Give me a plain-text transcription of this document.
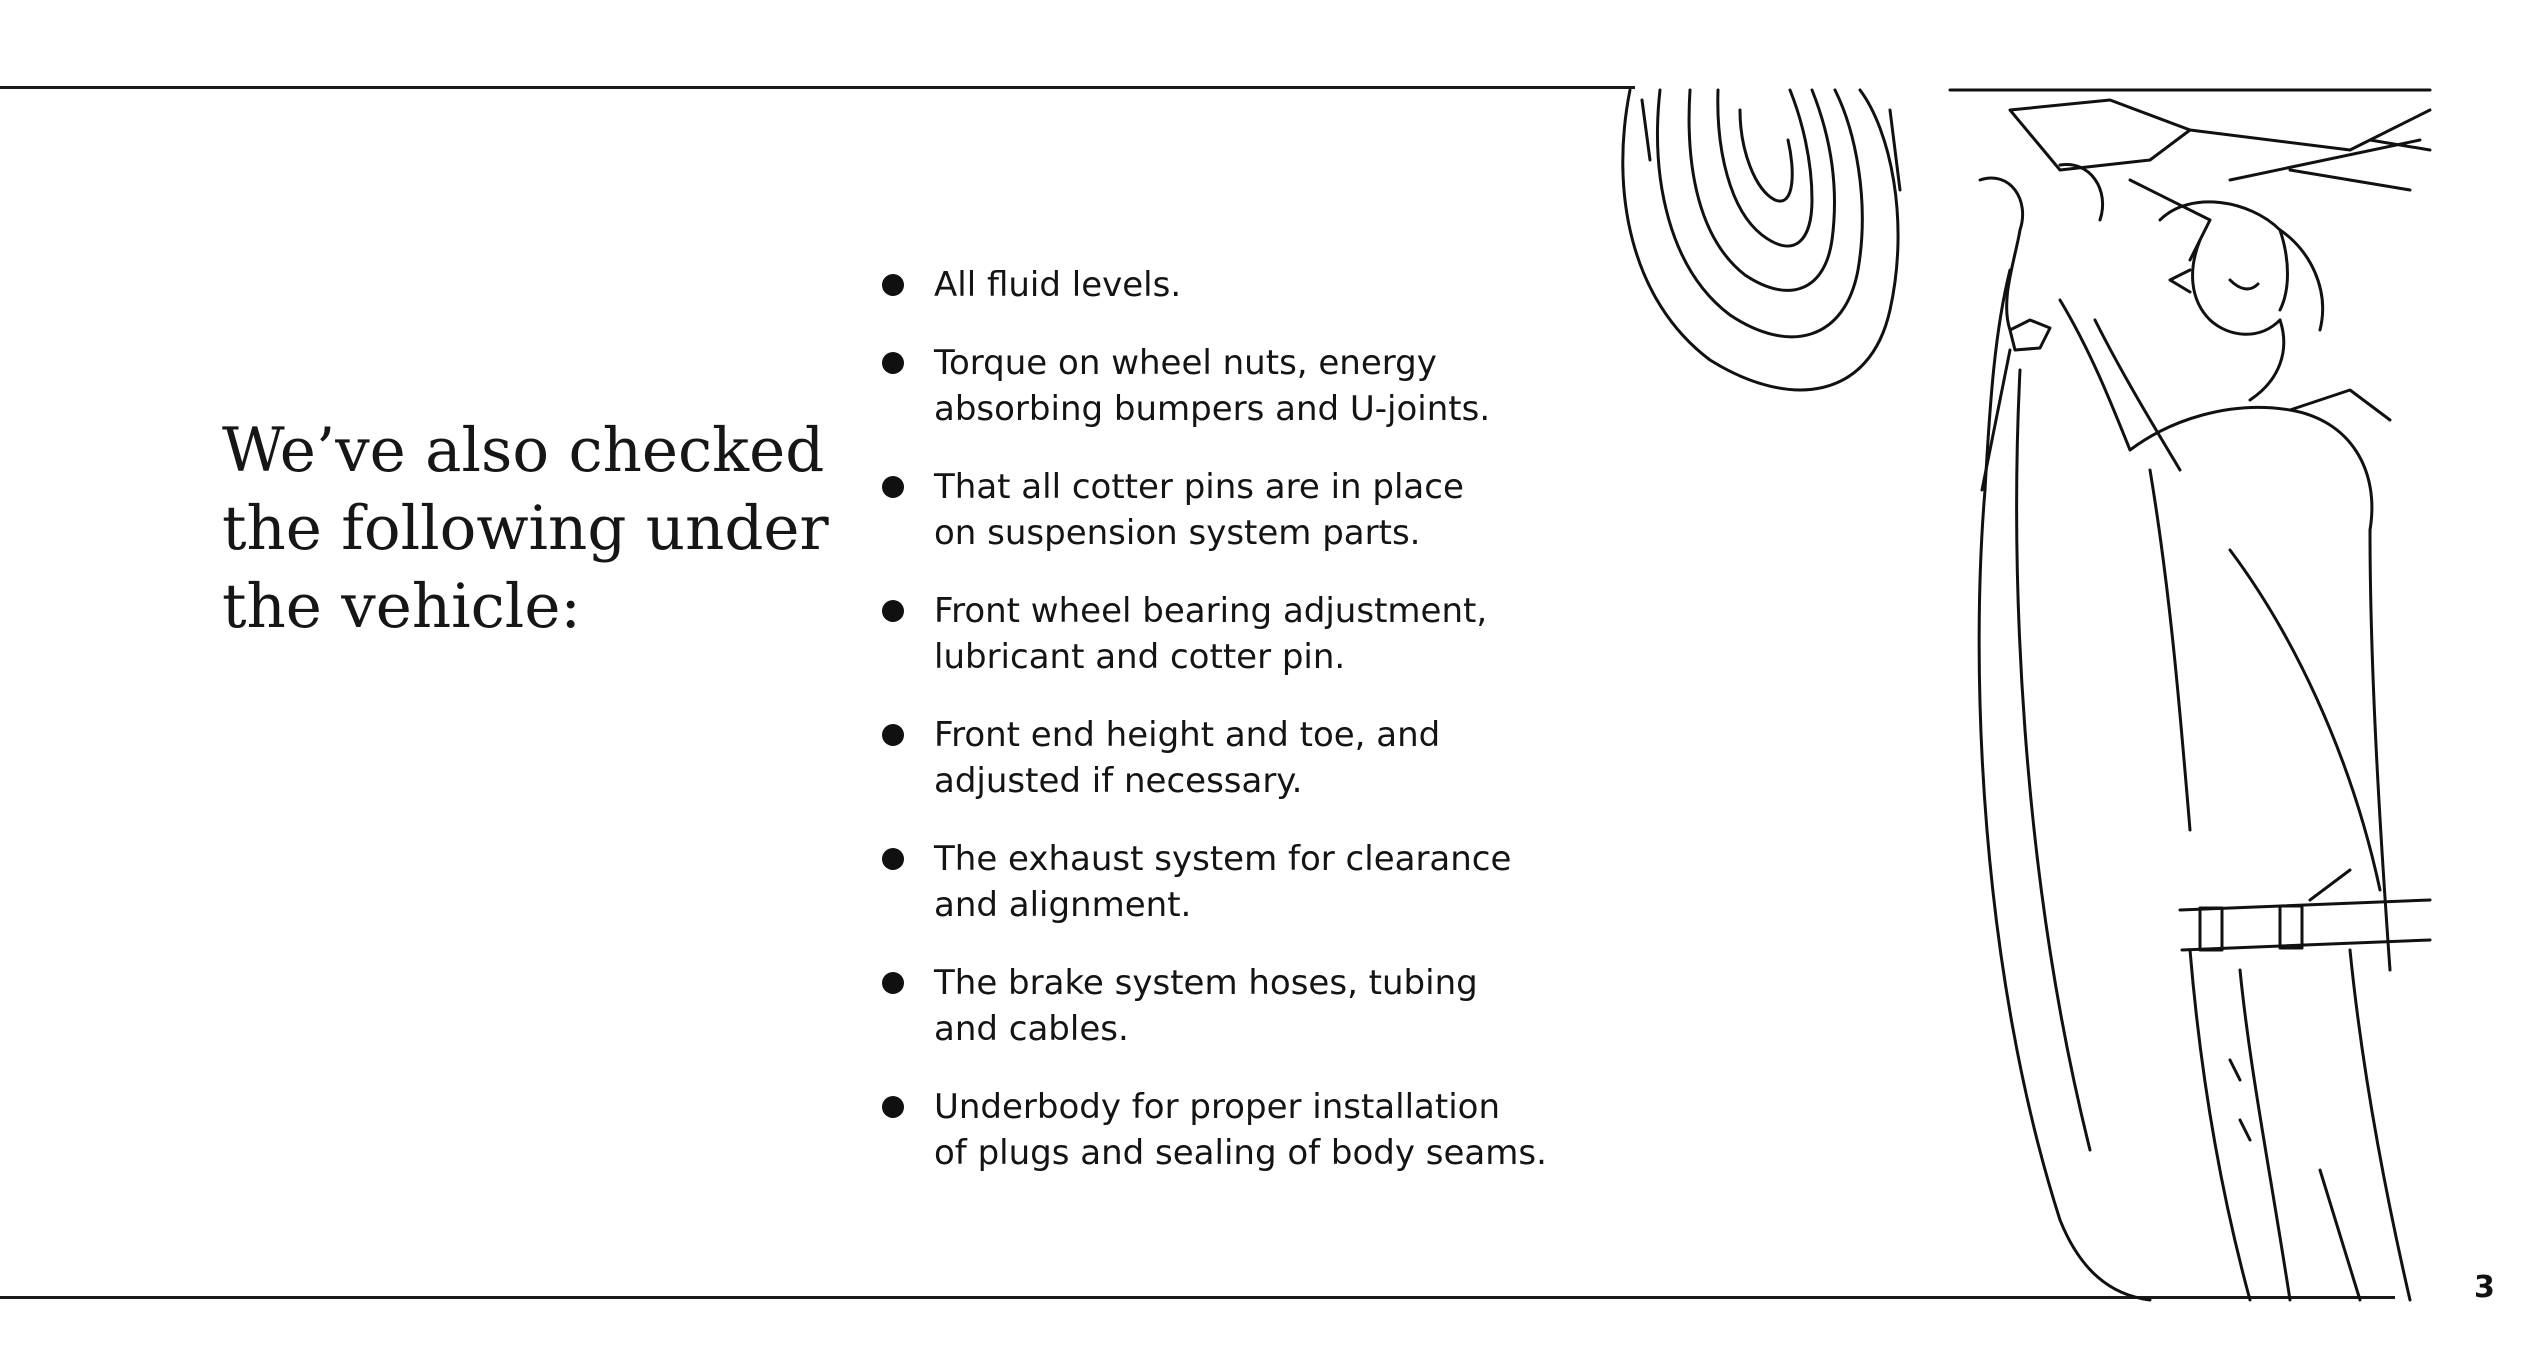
We’ve also checked
the following under
the vehicle:
All fluid levels.
Torque on wheel nuts, energy
absorbing bumpers and U-joints.
That all cotter pins are in place
on suspension system parts.
Front wheel bearing adjustment,
lubricant and cotter pin.
Front end height and toe, and
adjusted if necessary.
The exhaust system for clearance
and alignment.
The brake system hoses, tubing
and cables.
Underbody for proper installation
of plugs and sealing of body seams.
3
